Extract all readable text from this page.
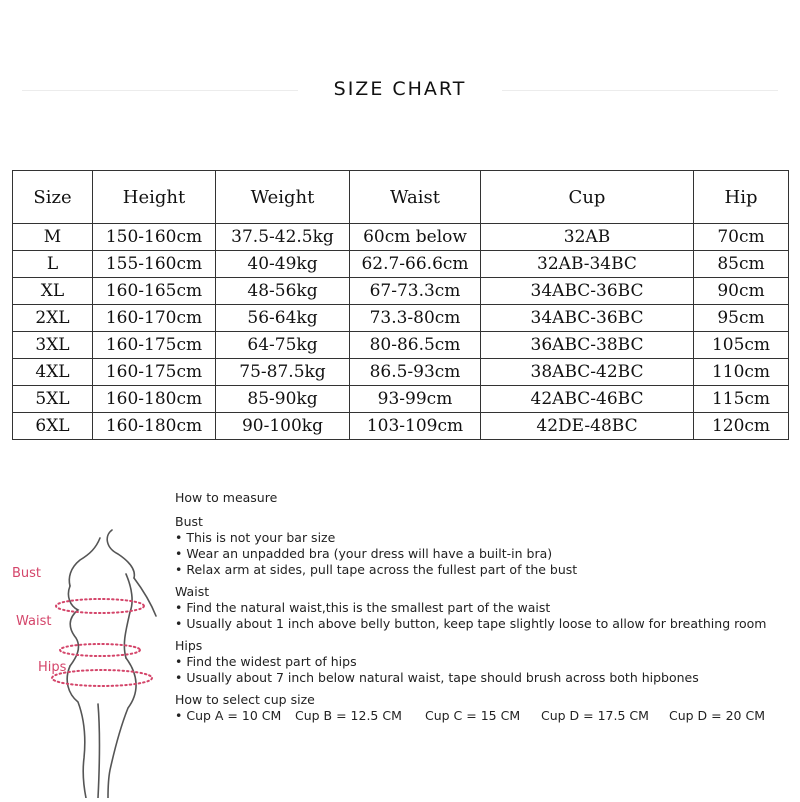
SIZE CHART
Size	Height	Weight	Waist	Cup	Hip
M	150-160cm	37.5-42.5kg	60cm below	32AB	70cm
L	155-160cm	40-49kg	62.7-66.6cm	32AB-34BC	85cm
XL	160-165cm	48-56kg	67-73.3cm	34ABC-36BC	90cm
2XL	160-170cm	56-64kg	73.3-80cm	34ABC-36BC	95cm
3XL	160-175cm	64-75kg	80-86.5cm	36ABC-38BC	105cm
4XL	160-175cm	75-87.5kg	86.5-93cm	38ABC-42BC	110cm
5XL	160-180cm	85-90kg	93-99cm	42ABC-46BC	115cm
6XL	160-180cm	90-100kg	103-109cm	42DE-48BC	120cm
Bust
Waist
Hips
How to measure
Bust
• This is not your bar size
• Wear an unpadded bra (your dress will have a built-in bra)
• Relax arm at sides, pull tape across the fullest part of the bust
Waist
• Find the natural waist,this is the smallest part of the waist
• Usually about 1 inch above belly button, keep tape slightly loose to allow for breathing room
Hips
• Find the widest part of hips
• Usually about 7 inch below natural waist, tape should brush across both hipbones
How to select cup size
• Cup A = 10 CM	Cup B = 12.5 CM	Cup C = 15 CM	Cup D = 17.5 CM	Cup D = 20 CM
